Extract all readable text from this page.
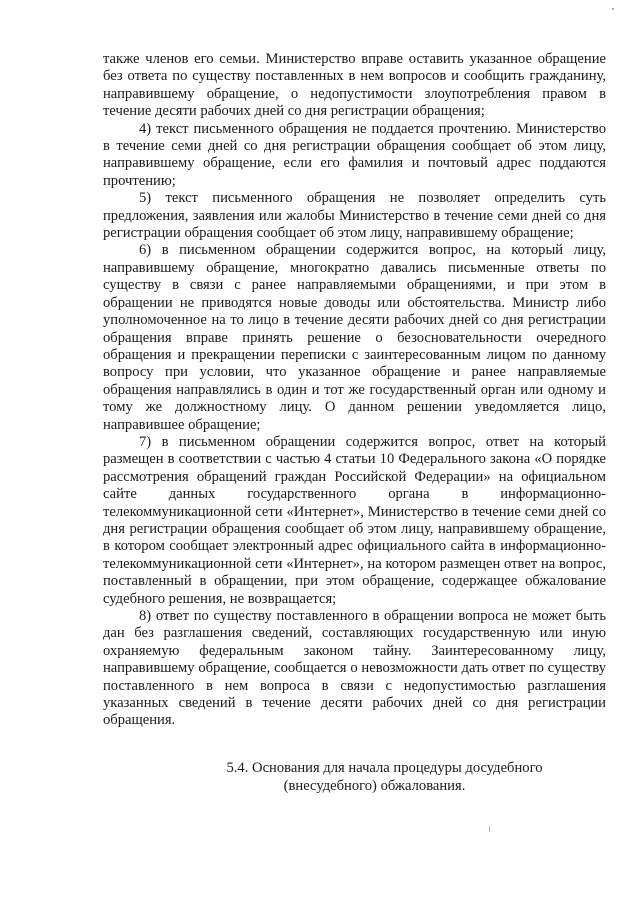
также членов его семьи. Министерство вправе оставить указанное обращение без ответа по существу поставленных в нем вопросов и сообщить гражданину, направившему обращение, о недопустимости злоупотребления правом в течение десяти рабочих дней со дня регистрации обращения;

4) текст письменного обращения не поддается прочтению. Министерство в течение семи дней со дня регистрации обращения сообщает об этом лицу, направившему обращение, если его фамилия и почтовый адрес поддаются прочтению;

5) текст письменного обращения не позволяет определить суть предложения, заявления или жалобы Министерство в течение семи дней со дня регистрации обращения сообщает об этом лицу, направившему обращение;

6) в письменном обращении содержится вопрос, на который лицу, направившему обращение, многократно давались письменные ответы по существу в связи с ранее направляемыми обращениями, и при этом в обращении не приводятся новые доводы или обстоятельства. Министр либо уполномоченное на то лицо в течение десяти рабочих дней со дня регистрации обращения вправе принять решение о безосновательности очередного обращения и прекращении переписки с заинтересованным лицом по данному вопросу при условии, что указанное обращение и ранее направляемые обращения направлялись в один и тот же государственный орган или одному и тому же должностному лицу. О данном решении уведомляется лицо, направившее обращение;

7) в письменном обращении содержится вопрос, ответ на который размещен в соответствии с частью 4 статьи 10 Федерального закона «О порядке рассмотрения обращений граждан Российской Федерации» на официальном сайте данных государственного органа в информационно-телекоммуникационной сети «Интернет», Министерство в течение семи дней со дня регистрации обращения сообщает об этом лицу, направившему обращение, в котором сообщает электронный адрес официального сайта в информационно-телекоммуникационной сети «Интернет», на котором размещен ответ на вопрос, поставленный в обращении, при этом обращение, содержащее обжалование судебного решения, не возвращается;

8) ответ по существу поставленного в обращении вопроса не может быть дан без разглашения сведений, составляющих государственную или иную охраняемую федеральным законом тайну. Заинтересованному лицу, направившему обращение, сообщается о невозможности дать ответ по существу поставленного в нем вопроса в связи с недопустимостью разглашения указанных сведений в течение десяти рабочих дней со дня регистрации обращения.

5.4. Основания для начала процедуры досудебного
(внесудебного) обжалования.
